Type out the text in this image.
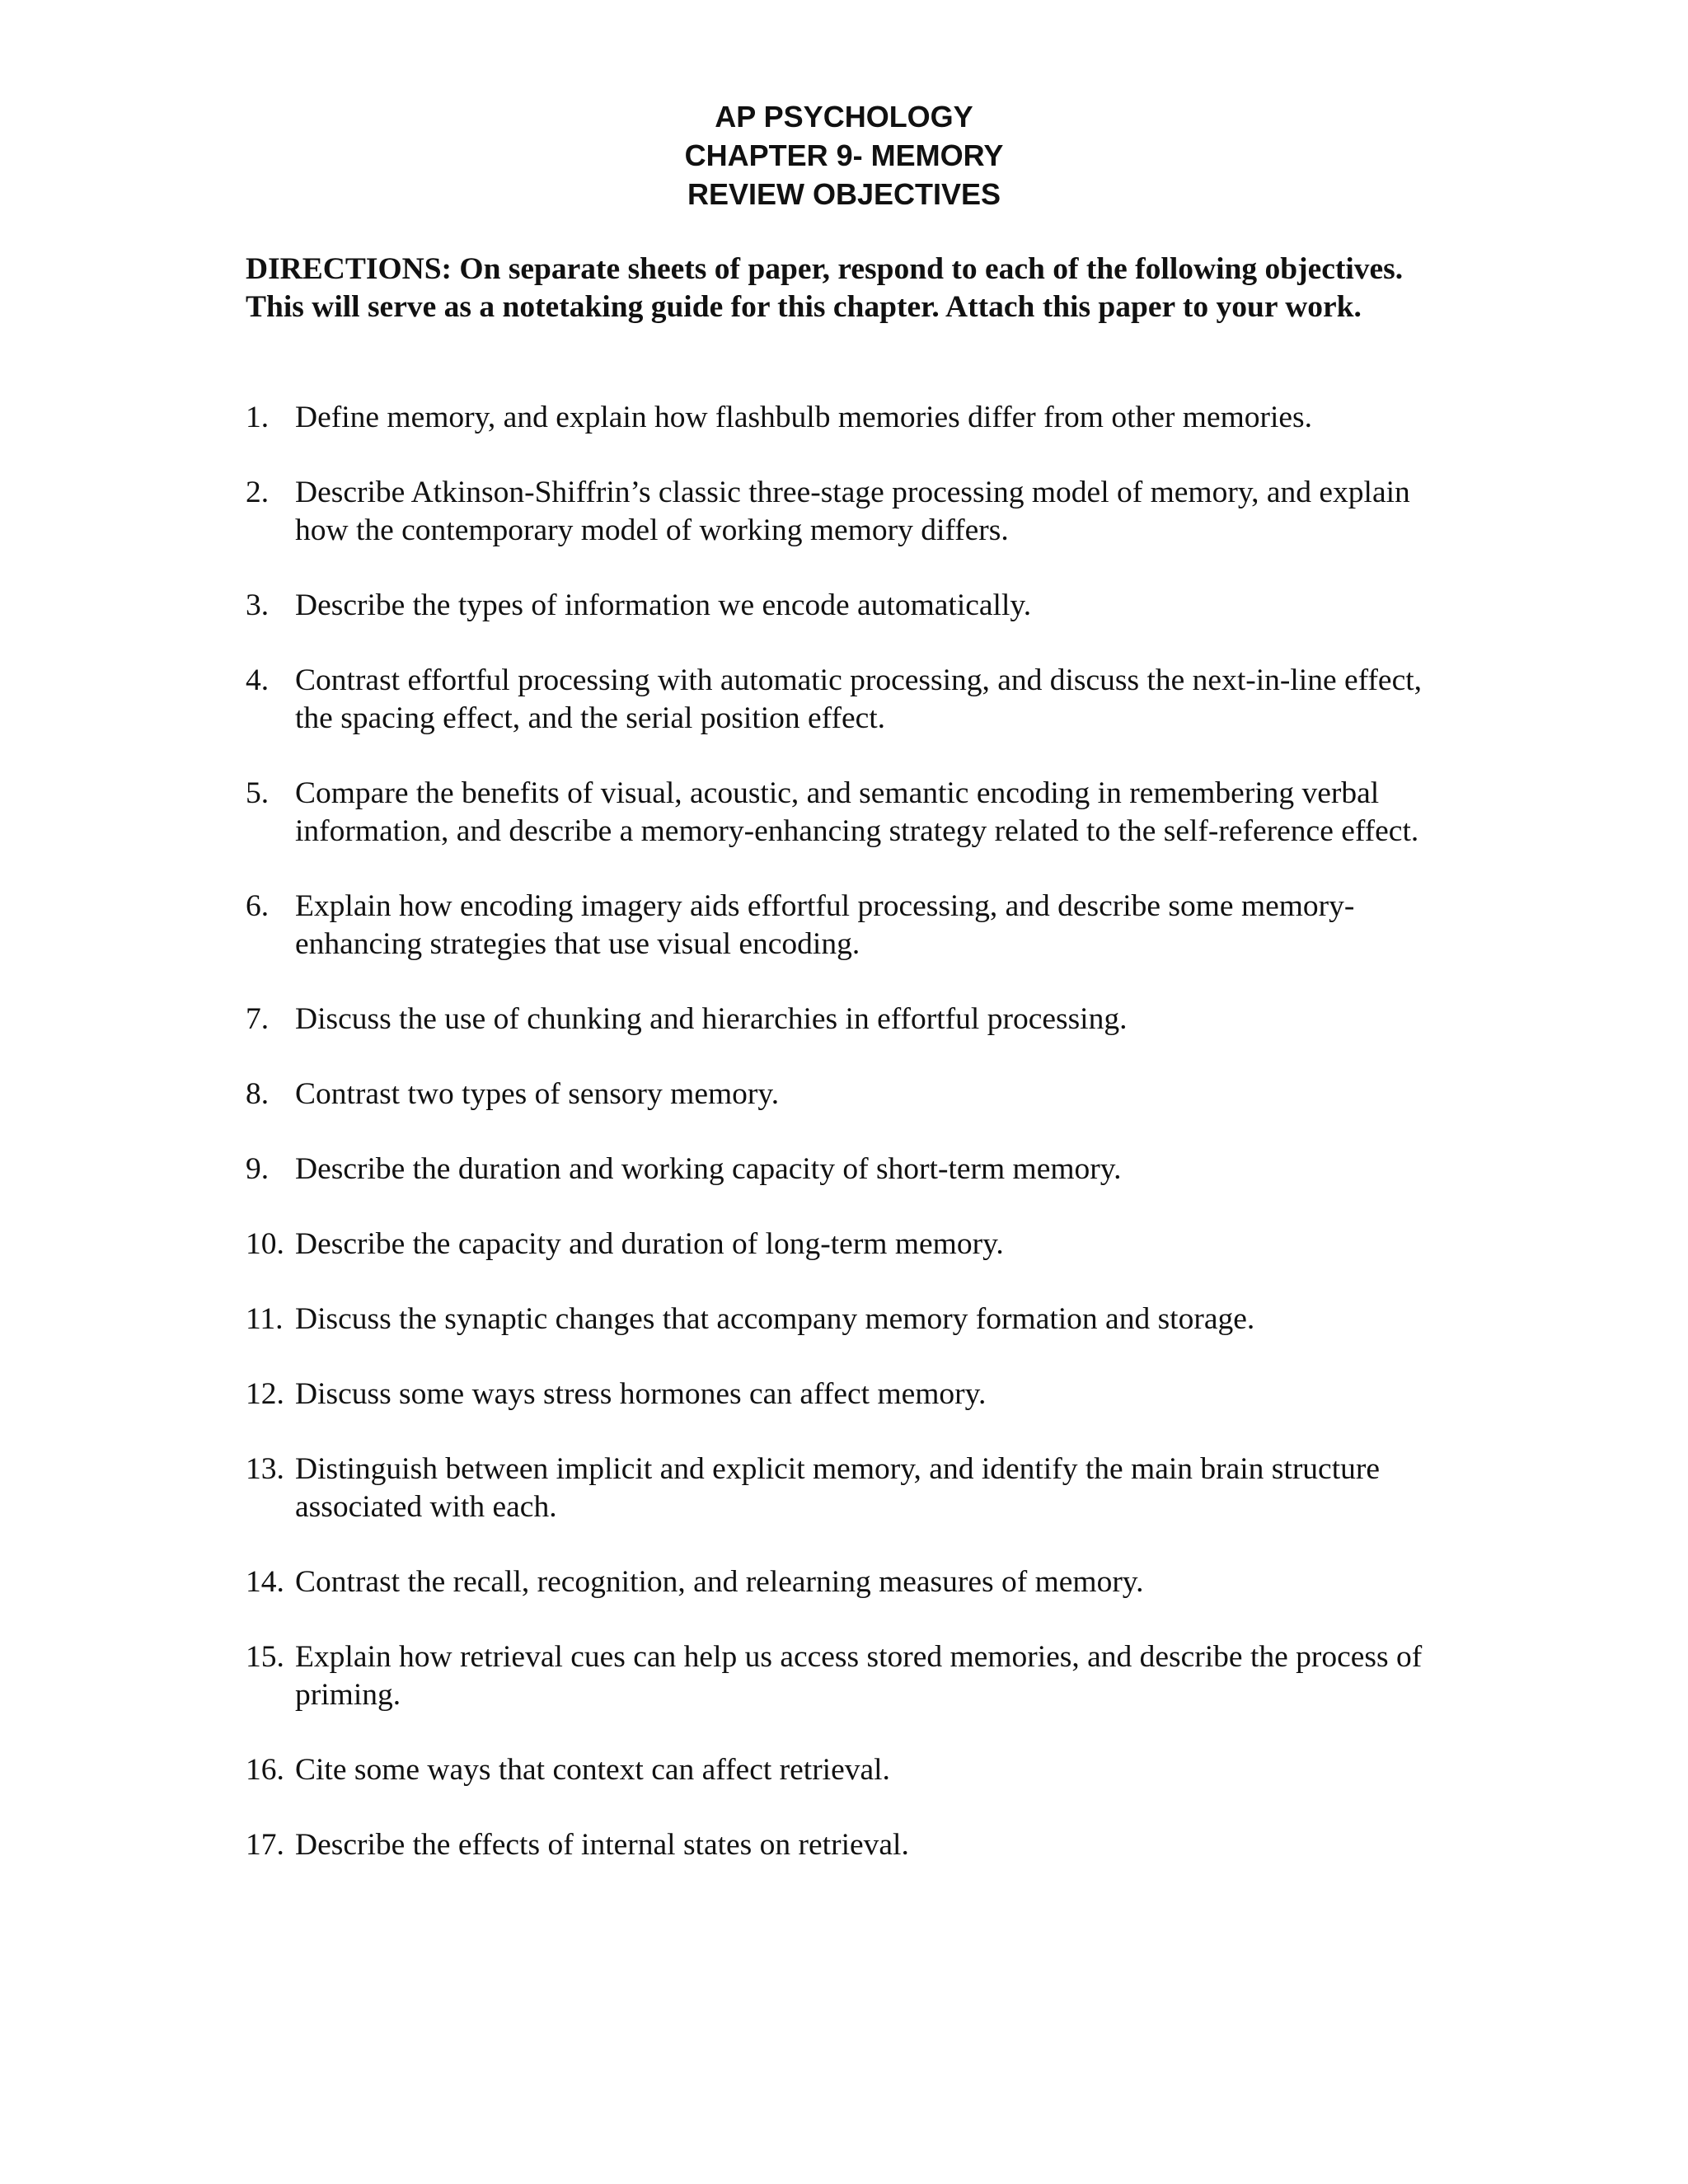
AP PSYCHOLOGY
CHAPTER 9- MEMORY
REVIEW OBJECTIVES
DIRECTIONS: On separate sheets of paper, respond to each of the following objectives. This will serve as a notetaking guide for this chapter. Attach this paper to your work.
1. Define memory, and explain how flashbulb memories differ from other memories.
2. Describe Atkinson-Shiffrin’s classic three-stage processing model of memory, and explain how the contemporary model of working memory differs.
3. Describe the types of information we encode automatically.
4. Contrast effortful processing with automatic processing, and discuss the next-in-line effect, the spacing effect, and the serial position effect.
5. Compare the benefits of visual, acoustic, and semantic encoding in remembering verbal information, and describe a memory-enhancing strategy related to the self-reference effect.
6. Explain how encoding imagery aids effortful processing, and describe some memory-enhancing strategies that use visual encoding.
7. Discuss the use of chunking and hierarchies in effortful processing.
8. Contrast two types of sensory memory.
9. Describe the duration and working capacity of short-term memory.
10. Describe the capacity and duration of long-term memory.
11. Discuss the synaptic changes that accompany memory formation and storage.
12. Discuss some ways stress hormones can affect memory.
13. Distinguish between implicit and explicit memory, and identify the main brain structure associated with each.
14. Contrast the recall, recognition, and relearning measures of memory.
15. Explain how retrieval cues can help us access stored memories, and describe the process of priming.
16. Cite some ways that context can affect retrieval.
17. Describe the effects of internal states on retrieval.
